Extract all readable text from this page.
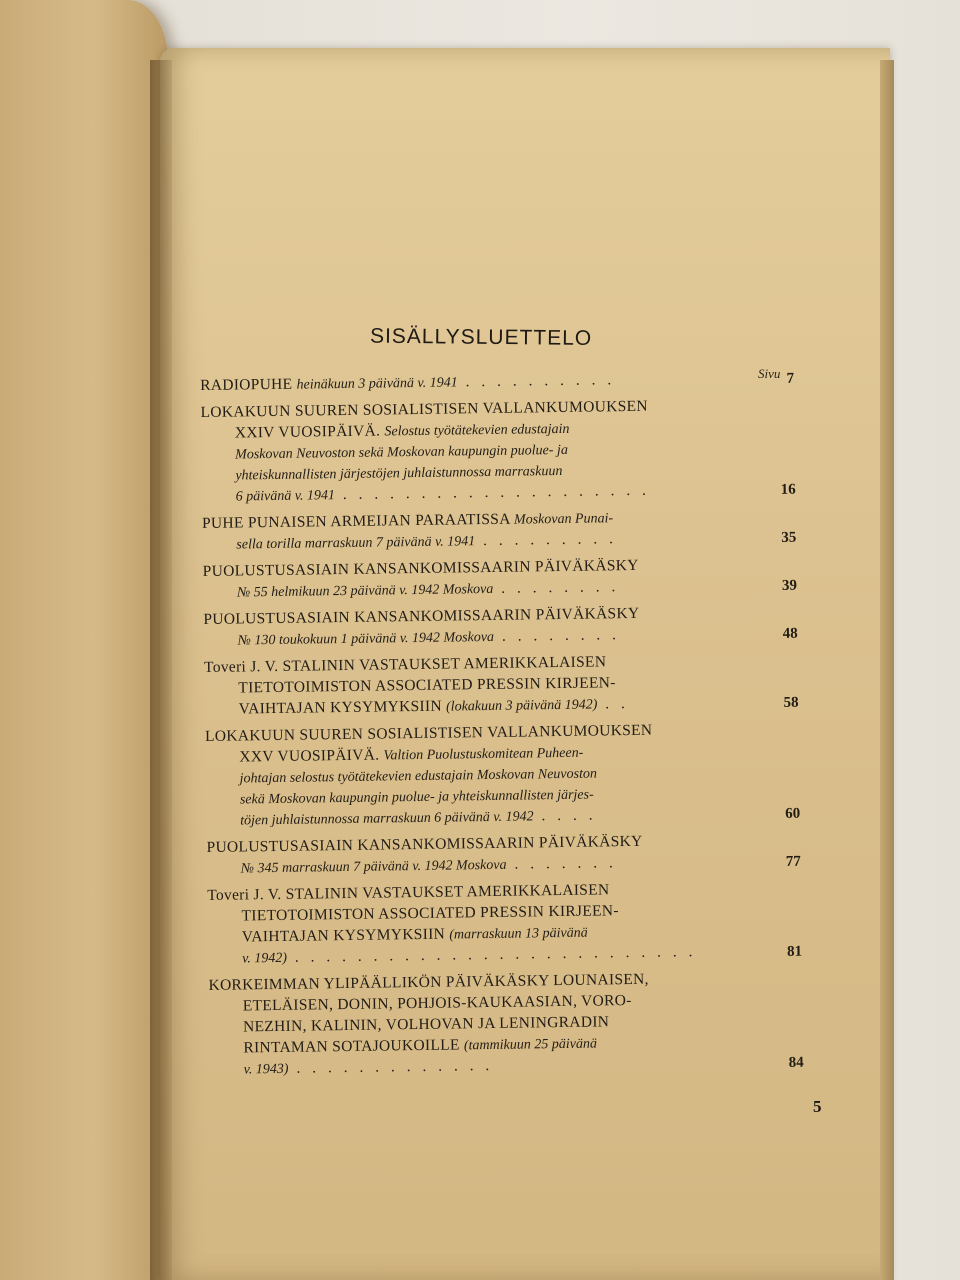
SISÄLLYSLUETTELO
Sivu
RADIOPUHE heinäkuun 3 päivänä v. 1941 . . . . . . . . . .	7
LOKAKUUN SUUREN SOSIALISTISEN VALLANKUMOUKSEN
XXIV VUOSIPÄIVÄ. Selostus työtätekevien edustajain
Moskovan Neuvoston sekä Moskovan kaupungin puolue- ja
yhteiskunnallisten järjestöjen juhlaistunnossa marraskuun
6 päivänä v. 1941 . . . . . . . . . . . . . . . . . . . .	16
PUHE PUNAISEN ARMEIJAN PARAATISSA Moskovan Punai-
sella torilla marraskuun 7 päivänä v. 1941 . . . . . . . . .	35
PUOLUSTUSASIAIN KANSANKOMISSAARIN PÄIVÄKÄSKY
№ 55 helmikuun 23 päivänä v. 1942 Moskova . . . . . . . .	39
PUOLUSTUSASIAIN KANSANKOMISSAARIN PÄIVÄKÄSKY
№ 130 toukokuun 1 päivänä v. 1942 Moskova . . . . . . . .	48
Toveri J. V. STALININ VASTAUKSET AMERIKKALAISEN
TIETOTOIMISTON ASSOCIATED PRESSIN KIRJEEN-
VAIHTAJAN KYSYMYKSIIN (lokakuun 3 päivänä 1942) . .	58
LOKAKUUN SUUREN SOSIALISTISEN VALLANKUMOUKSEN
XXV VUOSIPÄIVÄ. Valtion Puolustuskomitean Puheen-
johtajan selostus työtätekevien edustajain Moskovan Neuvoston
sekä Moskovan kaupungin puolue- ja yhteiskunnallisten järjes-
töjen juhlaistunnossa marraskuun 6 päivänä v. 1942 . . . .	60
PUOLUSTUSASIAIN KANSANKOMISSAARIN PÄIVÄKÄSKY
№ 345 marraskuun 7 päivänä v. 1942 Moskova . . . . . . .	77
Toveri J. V. STALININ VASTAUKSET AMERIKKALAISEN
TIETOTOIMISTON ASSOCIATED PRESSIN KIRJEEN-
VAIHTAJAN KYSYMYKSIIN (marraskuun 13 päivänä
v. 1942) . . . . . . . . . . . . . . . . . . . . . . . . . .	81
KORKEIMMAN YLIPÄÄLLIKÖN PÄIVÄKÄSKY LOUNAISEN,
ETELÄISEN, DONIN, POHJOIS-KAUKAASIAN, VORO-
NEZHIN, KALININ, VOLHOVAN JA LENINGRADIN
RINTAMAN SOTAJOUKOILLE (tammikuun 25 päivänä
v. 1943) . . . . . . . . . . . . .	84
5
